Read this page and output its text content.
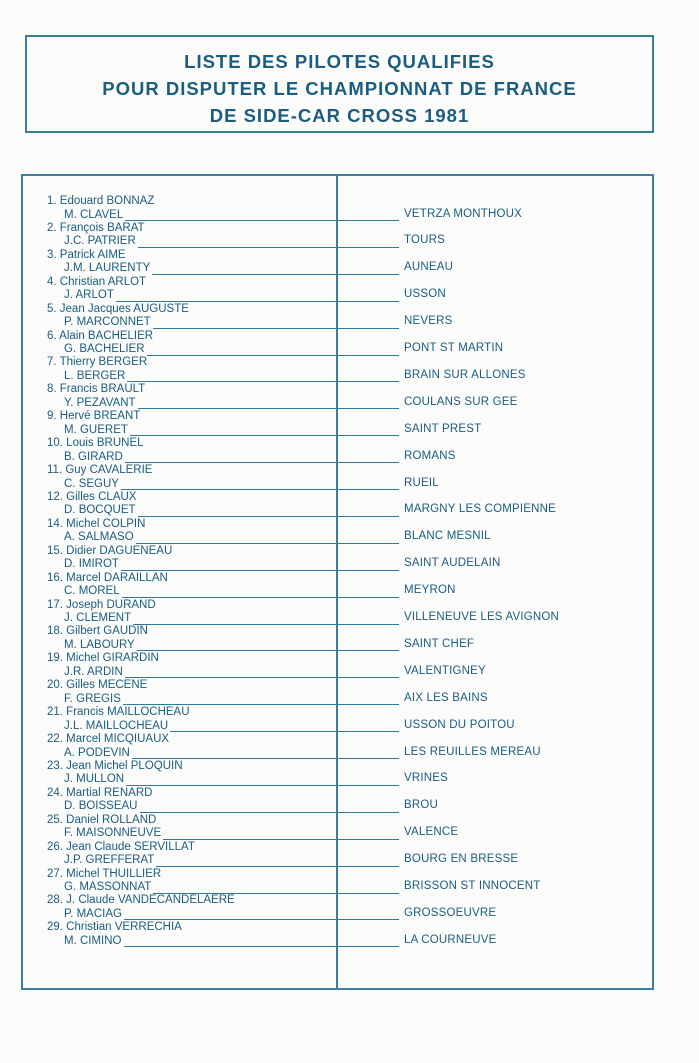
LISTE DES PILOTES QUALIFIES
POUR DISPUTER LE CHAMPIONNAT DE FRANCE
DE SIDE-CAR CROSS 1981
1. Edouard BONNAZ
M. CLAVEL	VETRZA MONTHOUX
2. François BARAT
J.C. PATRIER	TOURS
3. Patrick AIME
J.M. LAURENTY	AUNEAU
4. Christian ARLOT
J. ARLOT	USSON
5. Jean Jacques AUGUSTE
P. MARCONNET	NEVERS
6. Alain BACHELIER
G. BACHELIER	PONT ST MARTIN
7. Thierry BERGER
L. BERGER	BRAIN SUR ALLONES
8. Francis BRAULT
Y. PEZAVANT	COULANS SUR GEE
9. Hervé BREANT
M. GUERET	SAINT PREST
10. Louis BRUNEL
B. GIRARD	ROMANS
11. Guy CAVALERIE
C. SEGUY	RUEIL
12. Gilles CLAUX
D. BOCQUET	MARGNY LES COMPIENNE
14. Michel COLPIN
A. SALMASO	BLANC MESNIL
15. Didier DAGUENEAU
D. IMIROT	SAINT AUDELAIN
16. Marcel DARAILLAN
C. MOREL	MEYRON
17. Joseph DURAND
J. CLEMENT	VILLENEUVE LES AVIGNON
18. Gilbert GAUDIN
M. LABOURY	SAINT CHEF
19. Michel GIRARDIN
J.R. ARDIN	VALENTIGNEY
20. Gilles MECENE
F. GREGIS	AIX LES BAINS
21. Francis MAILLOCHEAU
J.L. MAILLOCHEAU	USSON DU POITOU
22. Marcel MICQIUAUX
A. PODEVIN	LES REUILLES MEREAU
23. Jean Michel PLOQUIN
J. MULLON	VRINES
24. Martial RENARD
D. BOISSEAU	BROU
25. Daniel ROLLAND
F. MAISONNEUVE	VALENCE
26. Jean Claude SERVILLAT
J.P. GREFFERAT	BOURG EN BRESSE
27. Michel THUILLIER
G. MASSONNAT	BRISSON ST INNOCENT
28. J. Claude VANDECANDELAERE
P. MACIAG	GROSSOEUVRE
29. Christian VERRECHIA
M. CIMINO	LA COURNEUVE
